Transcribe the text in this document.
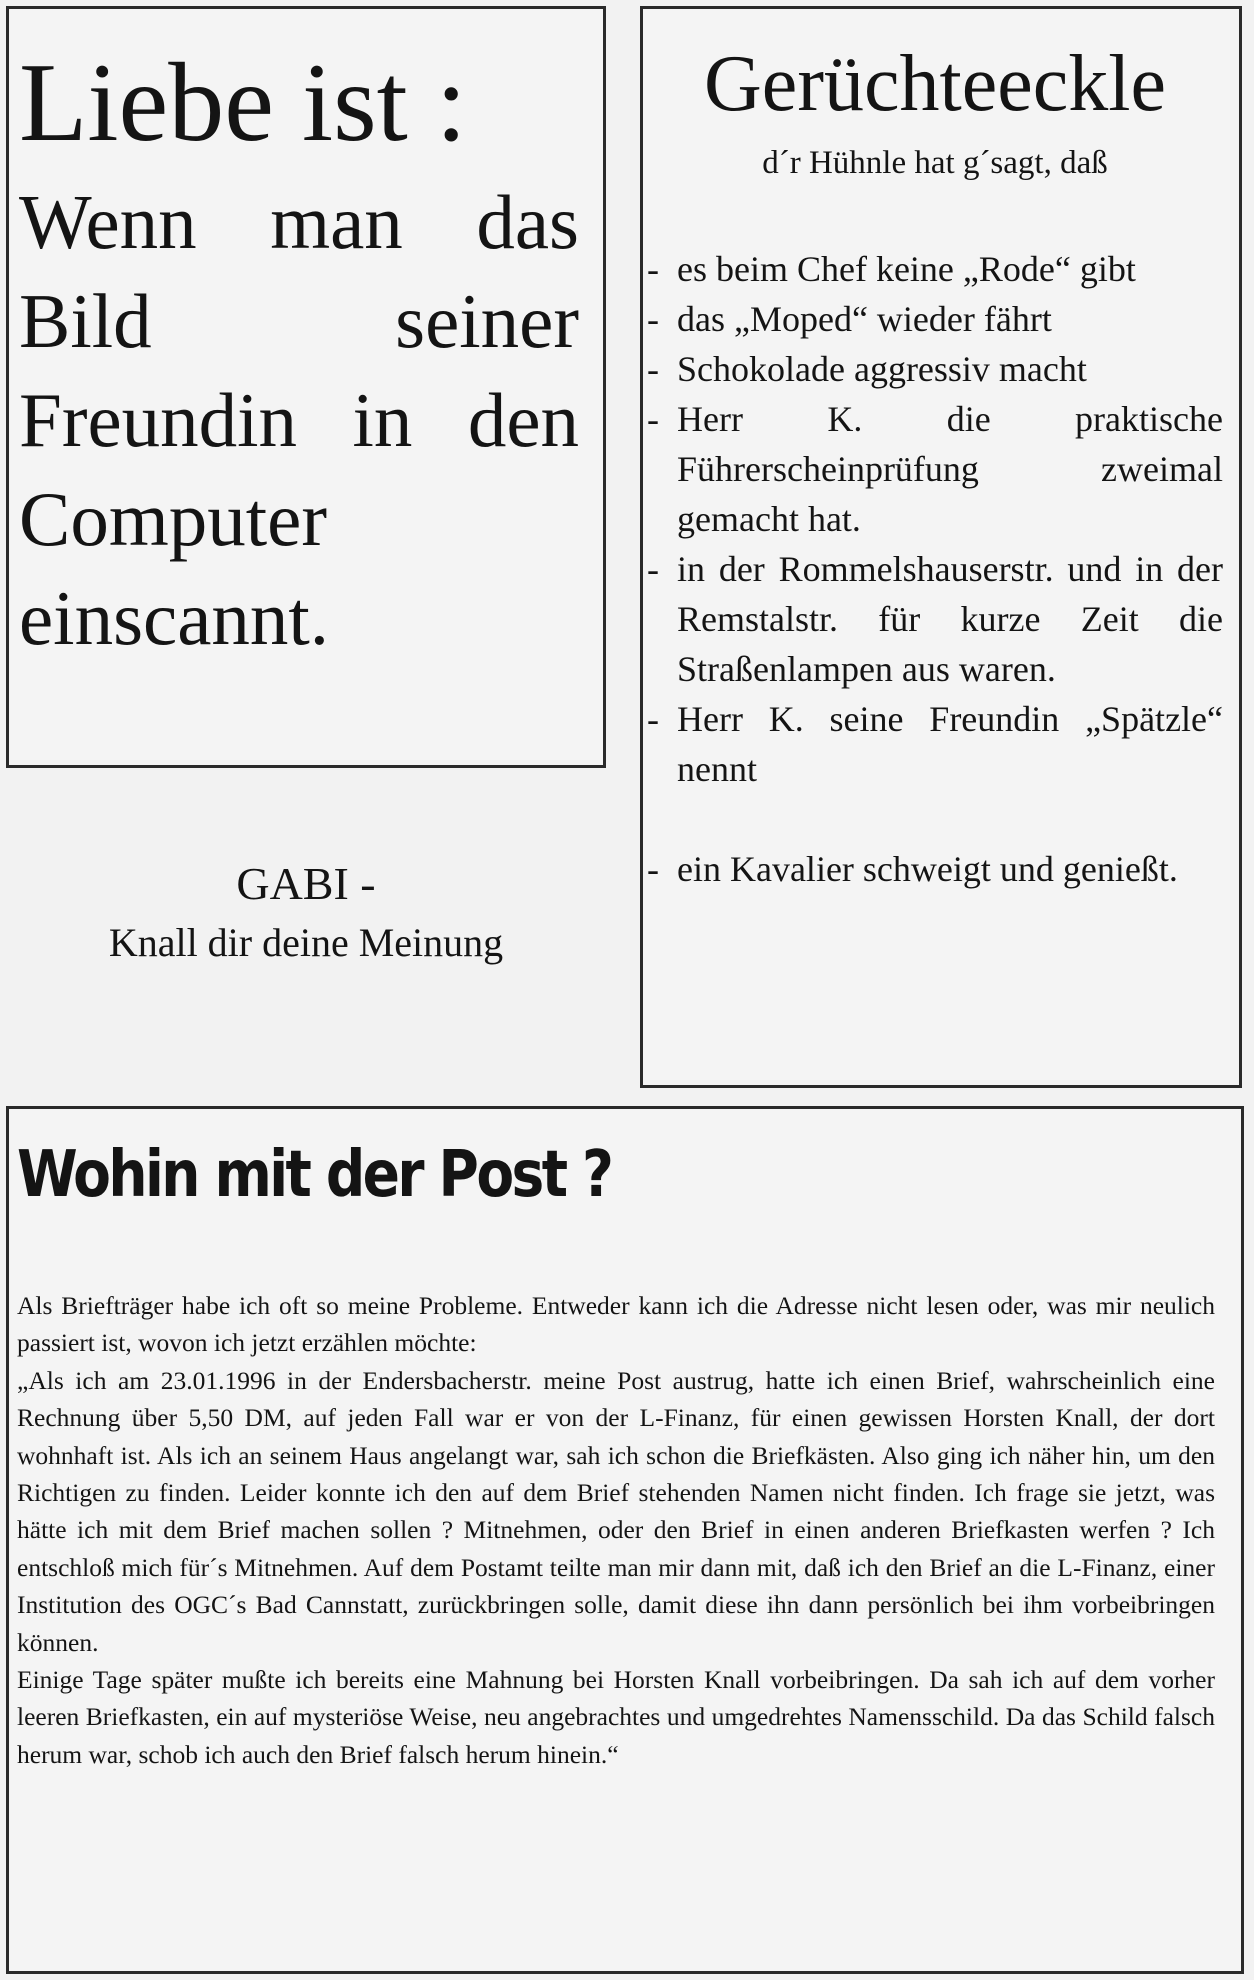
Liebe ist :
Wenn man das Bild seiner Freundin in den Computer einscannt.
Gerüchteeckle
d´r Hühnle hat g´sagt, daß
- es beim Chef keine „Rode“ gibt
- das „Moped“ wieder fährt
- Schokolade aggressiv macht
- Herr K. die praktische Führerscheinprüfung zweimal gemacht hat.
- in der Rommelshauserstr. und in der Remstalstr. für kurze Zeit die Straßenlampen aus waren.
- Herr K. seine Freundin „Spätzle“ nennt
- ein Kavalier schweigt und genießt.
GABI -
Knall dir deine Meinung
Wohin mit der Post ?

Als Briefträger habe ich oft so meine Probleme. Entweder kann ich die Adresse nicht lesen oder, was mir neulich passiert ist, wovon ich jetzt erzählen möchte:

„Als ich am 23.01.1996 in der Endersbacherstr. meine Post austrug, hatte ich einen Brief, wahrscheinlich eine Rechnung über 5,50 DM, auf jeden Fall war er von der L-Finanz, für einen gewissen Horsten Knall, der dort wohnhaft ist. Als ich an seinem Haus angelangt war, sah ich schon die Briefkästen. Also ging ich näher hin, um den Richtigen zu finden. Leider konnte ich den auf dem Brief stehenden Namen nicht finden. Ich frage sie jetzt, was hätte ich mit dem Brief machen sollen ? Mitnehmen, oder den Brief in einen anderen Briefkasten werfen ? Ich entschloß mich für´s Mitnehmen. Auf dem Postamt teilte man mir dann mit, daß ich den Brief an die L-Finanz, einer Institution des OGC´s Bad Cannstatt, zurückbringen solle, damit diese ihn dann persönlich bei ihm vorbeibringen können.

Einige Tage später mußte ich bereits eine Mahnung bei Horsten Knall vorbeibringen. Da sah ich auf dem vorher leeren Briefkasten, ein auf mysteriöse Weise, neu angebrachtes und umgedrehtes Namensschild. Da das Schild falsch herum war, schob ich auch den Brief falsch herum hinein.“
